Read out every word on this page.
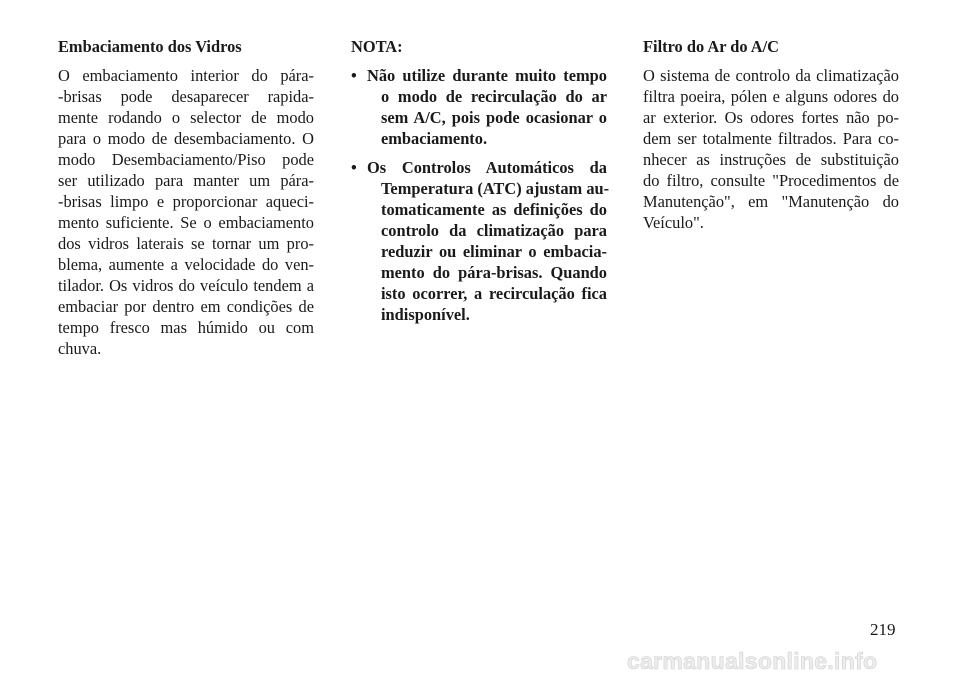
Embaciamento dos Vidros
O embaciamento interior do pára-
-brisas pode desaparecer rapida-
mente rodando o selector de modo
para o modo de desembaciamento. O
modo Desembaciamento/Piso pode
ser utilizado para manter um pára-
-brisas limpo e proporcionar aqueci-
mento suficiente. Se o embaciamento
dos vidros laterais se tornar um pro-
blema, aumente a velocidade do ven-
tilador. Os vidros do veículo tendem a
embaciar por dentro em condições de
tempo fresco mas húmido ou com
chuva.
NOTA:
• Não utilize durante muito tempo
o modo de recirculação do ar
sem A/C, pois pode ocasionar o
embaciamento.
• Os Controlos Automáticos da
Temperatura (ATC) ajustam au-
tomaticamente as definições do
controlo da climatização para
reduzir ou eliminar o embacia-
mento do pára-brisas. Quando
isto ocorrer, a recirculação fica
indisponível.
Filtro do Ar do A/C
O sistema de controlo da climatização
filtra poeira, pólen e alguns odores do
ar exterior. Os odores fortes não po-
dem ser totalmente filtrados. Para co-
nhecer as instruções de substituição
do filtro, consulte "Procedimentos de
Manutenção", em "Manutenção do
Veículo".
219
carmanualsonline.info
